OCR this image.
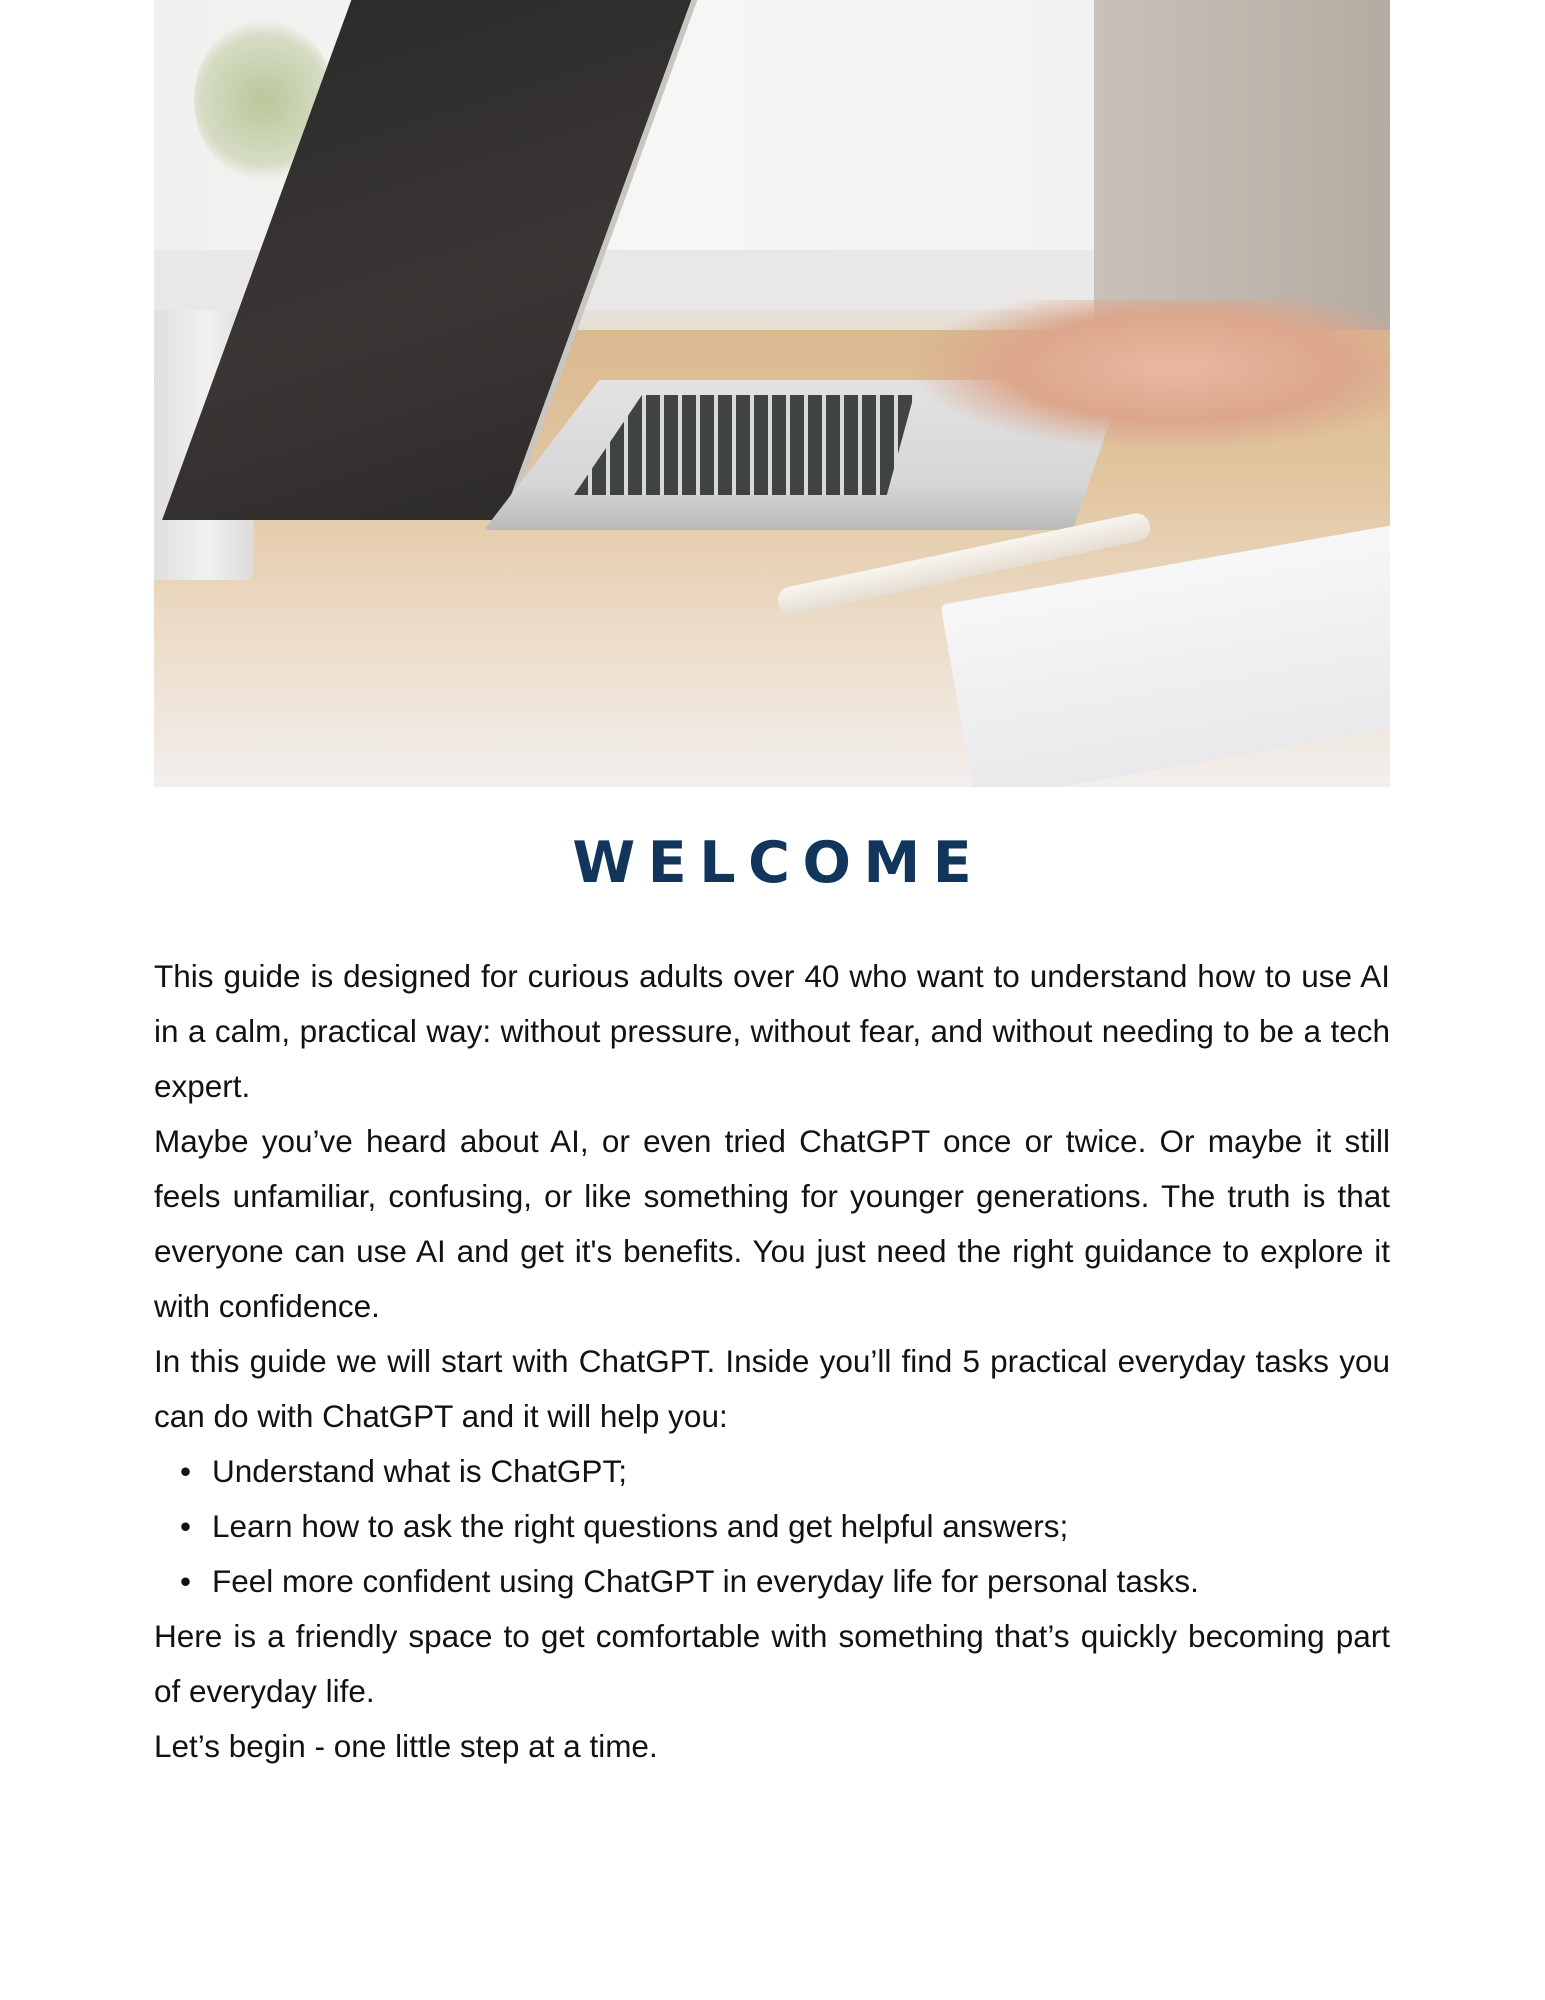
WELCOME

This guide is designed for curious adults over 40 who want to understand how to use AI in a calm, practical way: without pressure, without fear, and without needing to be a tech expert.

Maybe you’ve heard about AI, or even tried ChatGPT once or twice. Or maybe it still feels unfamiliar, confusing, or like something for younger generations. The truth is that everyone can use AI and get it's benefits. You just need the right guidance to explore it with confidence.

In this guide we will start with ChatGPT. Inside you’ll find 5 practical everyday tasks you can do with ChatGPT and it will help you:

• Understand what is ChatGPT;
• Learn how to ask the right questions and get helpful answers;
• Feel more confident using ChatGPT in everyday life for personal tasks.

Here is a friendly space to get comfortable with something that’s quickly becoming part of everyday life.

Let’s begin - one little step at a time.
